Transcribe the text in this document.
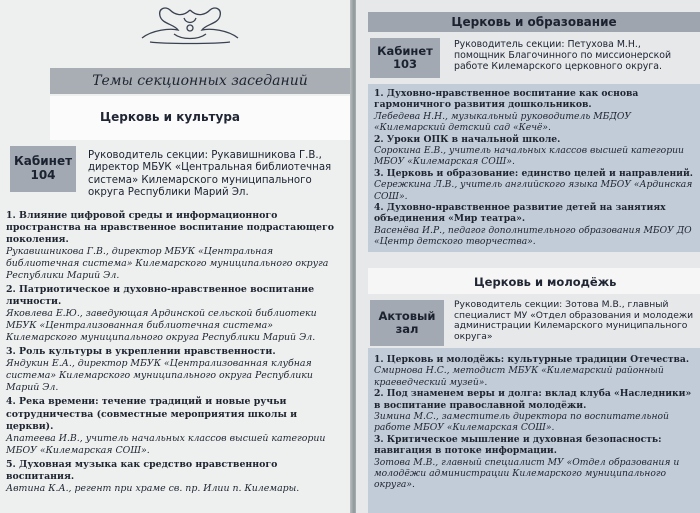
Темы секционных заседаний
Церковь и культура
Кабинет
104
Руководитель секции: Рукавишникова Г.В., директор МБУК «Центральная библиотечная система» Килемарского муниципального округа Республики Марий Эл.
1. Влияние цифровой среды и информационного пространства на нравственное воспитание подрастающего поколения.
Рукавишникова Г.В., директор МБУК «Центральная библиотечная система» Килемарского муниципального округа Республики Марий Эл.
2. Патриотическое и духовно-нравственное воспитание личности.
Яковлева Е.Ю., заведующая Ардинской сельской библиотеки МБУК «Централизованная библиотечная система» Килемарского муниципального округа Республики Марий Эл.
3. Роль культуры в укреплении нравственности.
Яндукин Е.А., директор МБУК «Централизованная клубная система» Килемарского муниципального округа Республики Марий Эл.
4. Река времени: течение традиций и новые ручьи сотрудничества (совместные мероприятия школы и церкви).
Апатеева И.В., учитель начальных классов высшей категории МБОУ «Килемарская СОШ».
5. Духовная музыка как средство нравственного воспитания.
Автина К.А., регент при храме св. пр. Илии п. Килемары.
Церковь и образование
Кабинет
103
Руководитель секции: Петухова М.Н., помощник Благочинного по миссионерской работе Килемарского церковного округа.
1. Духовно-нравственное воспитание как основа гармоничного развития дошкольников.
Лебедева Н.Н., музыкальный руководитель МБДОУ «Килемарский детский сад «Кечё».
2. Уроки ОПК в начальной школе.
Сорокина Е.В., учитель начальных классов высшей категории МБОУ «Килемарская СОШ».
3. Церковь и образование: единство целей и направлений.
Сережкина Л.В., учитель английского языка МБОУ «Ардинская СОШ».
4. Духовно-нравственное развитие детей на занятиях объединения «Мир театра».
Васенёва И.Р., педагог дополнительного образования МБОУ ДО «Центр детского творчества».
Церковь и молодёжь
Актовый
зал
Руководитель секции: Зотова М.В., главный специалист МУ «Отдел образования и молодежи администрации Килемарского муниципального округа»
1. Церковь и молодёжь: культурные традиции Отечества.
Смирнова Н.С., методист МБУК «Килемарский районный краеведческий музей».
2. Под знаменем веры и долга: вклад клуба «Наследники» в воспитание православной молодёжи.
Зимина М.С., заместитель директора по воспитательной работе МБОУ «Килемарская СОШ».
3. Критическое мышление и духовная безопасность: навигация в потоке информации.
Зотова М.В., главный специалист МУ «Отдел образования и молодёжи администрации Килемарского муниципального округа».
